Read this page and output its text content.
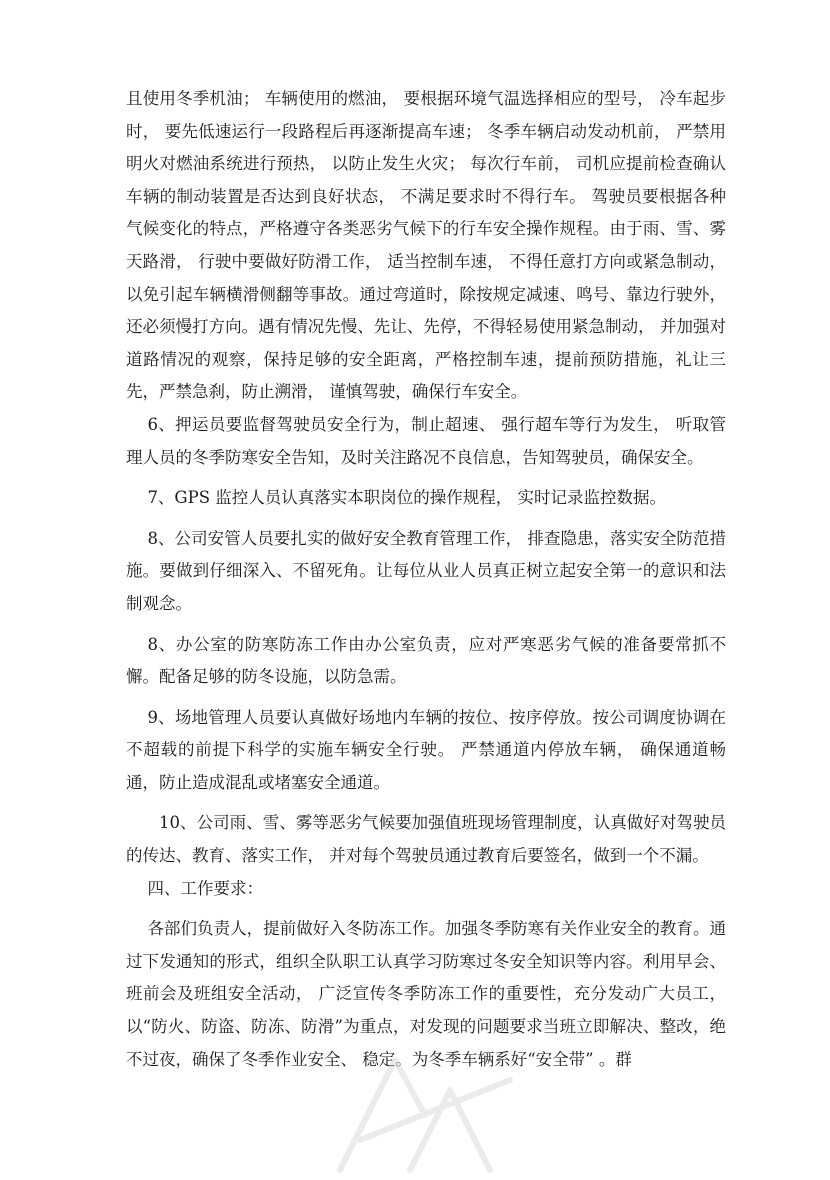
且使用冬季机油； 车辆使用的燃油， 要根据环境气温选择相应的型号， 冷车起步时， 要先低速运行一段路程后再逐渐提高车速； 冬季车辆启动发动机前， 严禁用明火对燃油系统进行预热， 以防止发生火灾； 每次行车前， 司机应提前检查确认车辆的制动装置是否达到良好状态， 不满足要求时不得行车。 驾驶员要根据各种气候变化的特点，严格遵守各类恶劣气候下的行车安全操作规程。由于雨、雪、雾天路滑， 行驶中要做好防滑工作， 适当控制车速， 不得任意打方向或紧急制动，以免引起车辆横滑侧翻等事故。通过弯道时，除按规定减速、鸣号、靠边行驶外，还必须慢打方向。遇有情况先慢、先让、先停，不得轻易使用紧急制动， 并加强对道路情况的观察，保持足够的安全距离，严格控制车速，提前预防措施，礼让三先，严禁急刹，防止溯滑， 谨慎驾驶，确保行车安全。

6、押运员要监督驾驶员安全行为，制止超速、 强行超车等行为发生， 听取管理人员的冬季防寒安全告知，及时关注路况不良信息，告知驾驶员，确保安全。

7、GPS 监控人员认真落实本职岗位的操作规程， 实时记录监控数据。

8、公司安管人员要扎实的做好安全教育管理工作， 排查隐患，落实安全防范措施。要做到仔细深入、不留死角。让每位从业人员真正树立起安全第一的意识和法制观念。

8、办公室的防寒防冻工作由办公室负责，应对严寒恶劣气候的准备要常抓不懈。配备足够的防冬设施，以防急需。

9、场地管理人员要认真做好场地内车辆的按位、按序停放。按公司调度协调在不超载的前提下科学的实施车辆安全行驶。 严禁通道内停放车辆， 确保通道畅通，防止造成混乱或堵塞安全通道。

10、公司雨、雪、雾等恶劣气候要加强值班现场管理制度，认真做好对驾驶员的传达、教育、落实工作， 并对每个驾驶员通过教育后要签名，做到一个不漏。

四、工作要求：

各部们负责人，提前做好入冬防冻工作。加强冬季防寒有关作业安全的教育。通过下发通知的形式，组织全队职工认真学习防寒过冬安全知识等内容。利用早会、班前会及班组安全活动， 广泛宣传冬季防冻工作的重要性，充分发动广大员工，以“防火、防盗、防冻、防滑”为重点，对发现的问题要求当班立即解决、整改，绝不过夜，确保了冬季作业安全、 稳定。为冬季车辆系好“安全带” 。群
